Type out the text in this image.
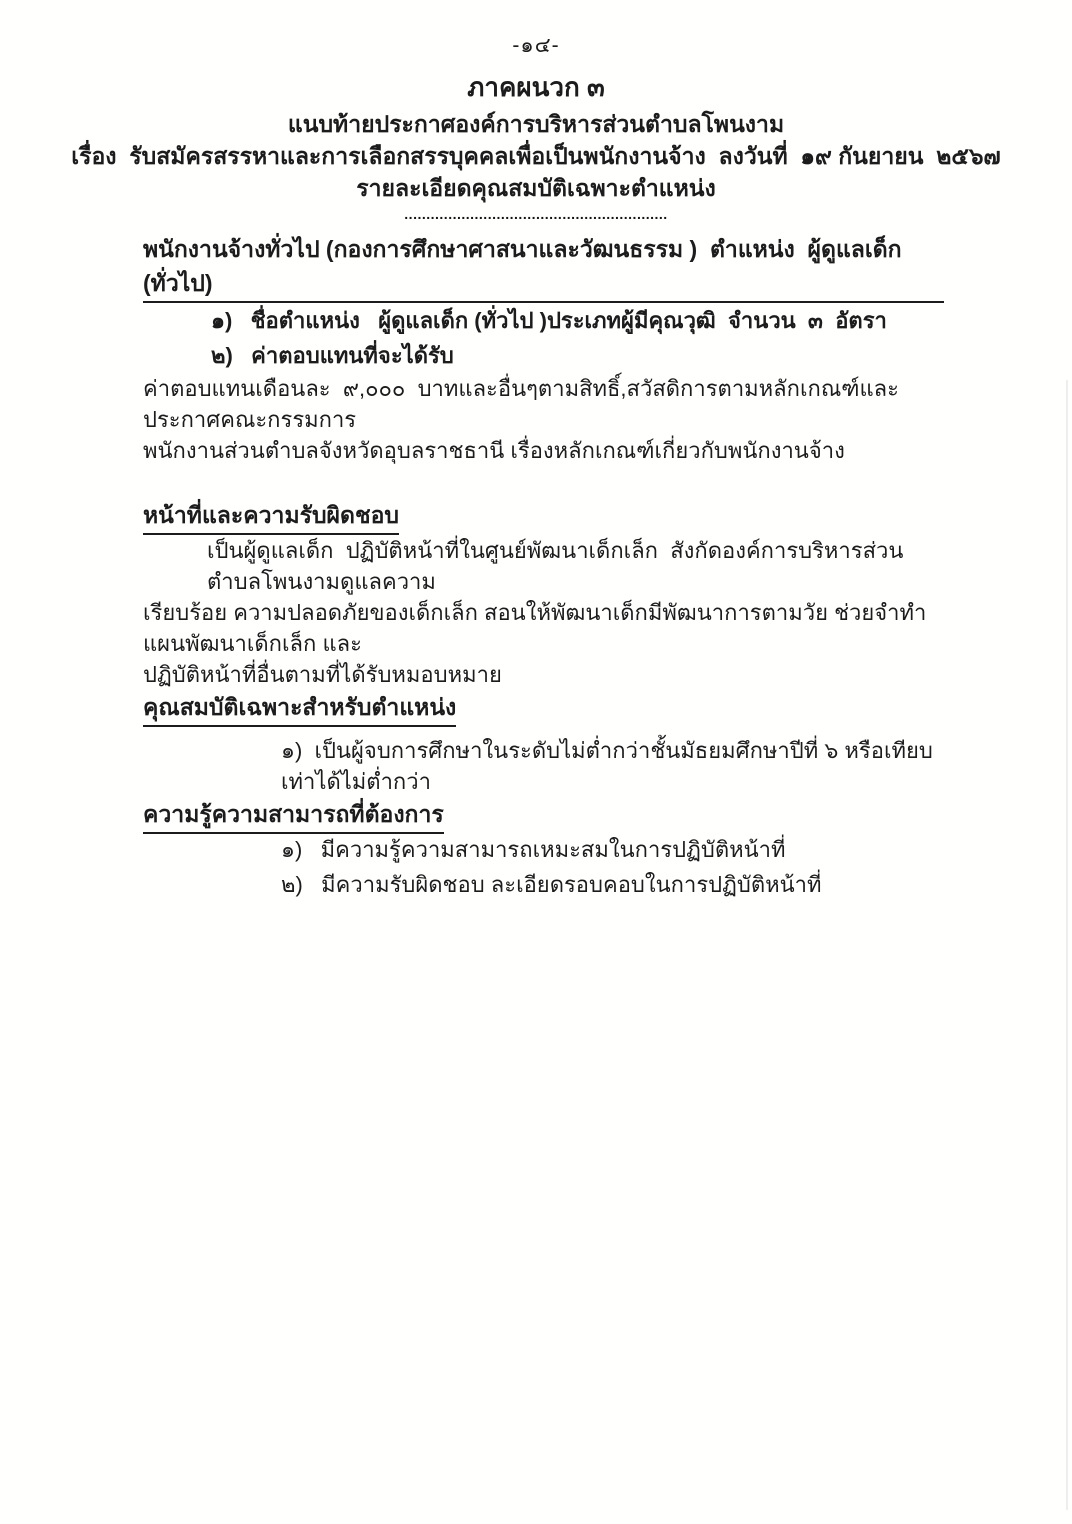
-๑๔-
ภาคผนวก ๓
แนบท้ายประกาศองค์การบริหารส่วนตำบลโพนงาม
เรื่อง  รับสมัครสรรหาและการเลือกสรรบุคคลเพื่อเป็นพนักงานจ้าง  ลงวันที่  ๑๙ กันยายน  ๒๕๖๗
รายละเอียดคุณสมบัติเฉพาะตำแหน่ง
............................................................
พนักงานจ้างทั่วไป (กองการศึกษาศาสนาและวัฒนธรรม )  ตำแหน่ง  ผู้ดูแลเด็ก (ทั่วไป)
๑)   ชื่อตำแหน่ง   ผู้ดูแลเด็ก (ทั่วไป )ประเภทผู้มีคุณวุฒิ  จำนวน  ๓  อัตรา
๒)   ค่าตอบแทนที่จะได้รับ
ค่าตอบแทนเดือนละ  ๙,๐๐๐  บาทและอื่นๆตามสิทธิ์,สวัสดิการตามหลักเกณฑ์และประกาศคณะกรรมการ
พนักงานส่วนตำบลจังหวัดอุบลราชธานี เรื่องหลักเกณฑ์เกี่ยวกับพนักงานจ้าง
หน้าที่และความรับผิดชอบ
เป็นผู้ดูแลเด็ก  ปฏิบัติหน้าที่ในศูนย์พัฒนาเด็กเล็ก  สังกัดองค์การบริหารส่วนตำบลโพนงามดูแลความ
เรียบร้อย ความปลอดภัยของเด็กเล็ก สอนให้พัฒนาเด็กมีพัฒนาการตามวัย ช่วยจำทำแผนพัฒนาเด็กเล็ก และ
ปฏิบัติหน้าที่อื่นตามที่ได้รับหมอบหมาย
คุณสมบัติเฉพาะสำหรับตำแหน่ง
๑)  เป็นผู้จบการศึกษาในระดับไม่ต่ำกว่าชั้นมัธยมศึกษาปีที่ ๖ หรือเทียบเท่าได้ไม่ต่ำกว่า
ความรู้ความสามารถที่ต้องการ
๑)   มีความรู้ความสามารถเหมะสมในการปฏิบัติหน้าที่
๒)   มีความรับผิดชอบ ละเอียดรอบคอบในการปฏิบัติหน้าที่
